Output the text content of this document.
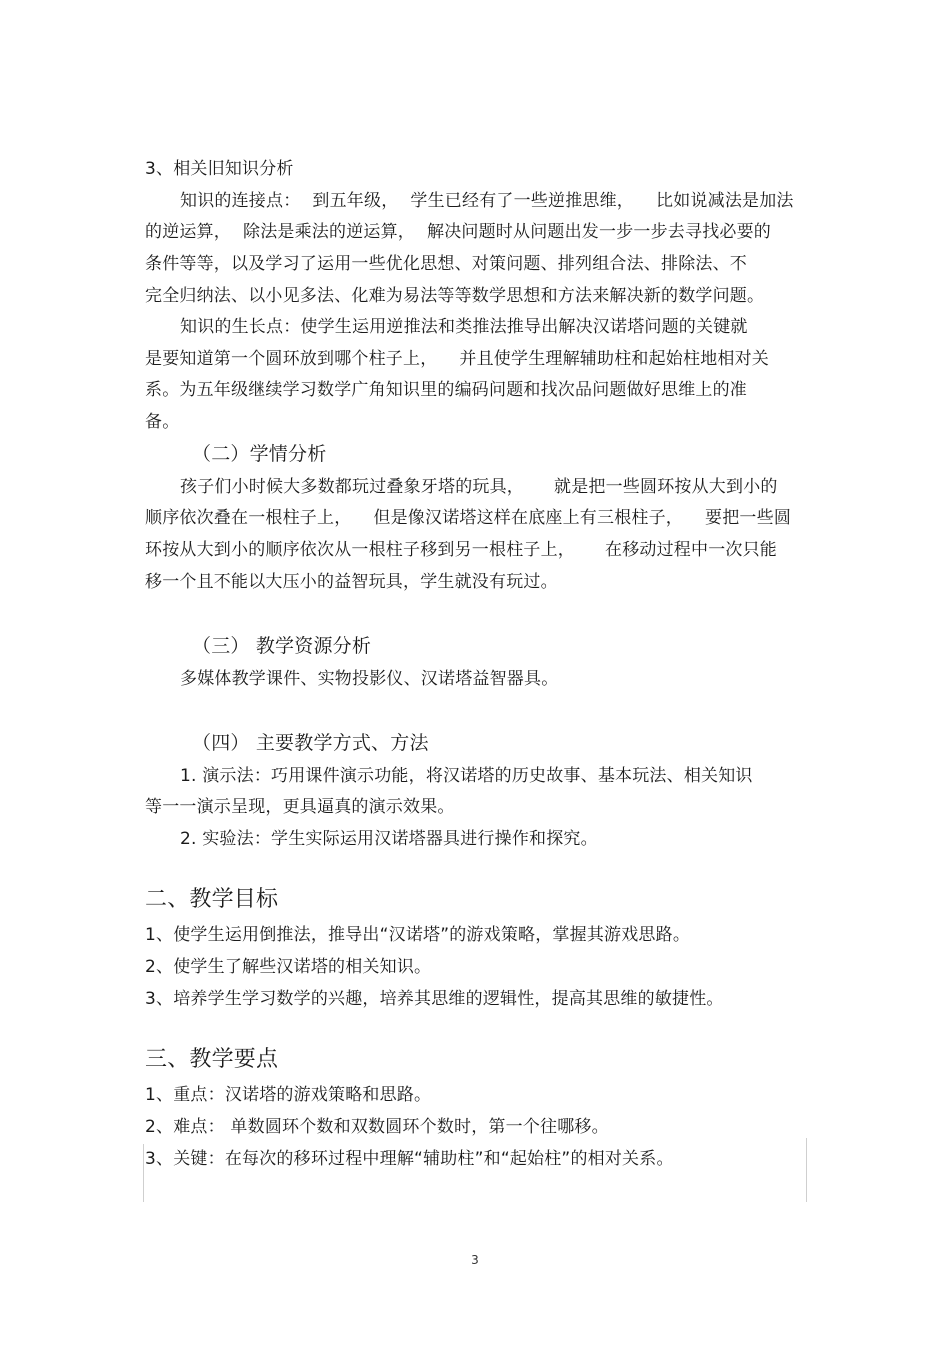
3、相关旧知识分析
知识的连接点： 到五年级， 学生已经有了一些逆推思维， 比如说减法是加法
的逆运算， 除法是乘法的逆运算， 解决问题时从问题出发一步一步去寻找必要的
条件等等，以及学习了运用一些优化思想、对策问题、排列组合法、排除法、不
完全归纳法、以小见多法、化难为易法等等数学思想和方法来解决新的数学问题。
知识的生长点：使学生运用逆推法和类推法推导出解决汉诺塔问题的关键就
是要知道第一个圆环放到哪个柱子上， 并且使学生理解辅助柱和起始柱地相对关
系。为五年级继续学习数学广角知识里的编码问题和找次品问题做好思维上的准
备。
（二）学情分析
孩子们小时候大多数都玩过叠象牙塔的玩具， 就是把一些圆环按从大到小的
顺序依次叠在一根柱子上， 但是像汉诺塔这样在底座上有三根柱子， 要把一些圆
环按从大到小的顺序依次从一根柱子移到另一根柱子上， 在移动过程中一次只能
移一个且不能以大压小的益智玩具，学生就没有玩过。
（三） 教学资源分析
多媒体教学课件、实物投影仪、汉诺塔益智器具。
（四） 主要教学方式、方法
1. 演示法：巧用课件演示功能，将汉诺塔的历史故事、基本玩法、相关知识
等一一演示呈现，更具逼真的演示效果。
2. 实验法：学生实际运用汉诺塔器具进行操作和探究。
二、教学目标
1、使学生运用倒推法，推导出“汉诺塔”的游戏策略，掌握其游戏思路。
2、使学生了解些汉诺塔的相关知识。
3、培养学生学习数学的兴趣，培养其思维的逻辑性，提高其思维的敏捷性。
三、教学要点
1、重点：汉诺塔的游戏策略和思路。
2、难点： 单数圆环个数和双数圆环个数时，第一个往哪移。
3、关键：在每次的移环过程中理解“辅助柱”和“起始柱”的相对关系。
3
